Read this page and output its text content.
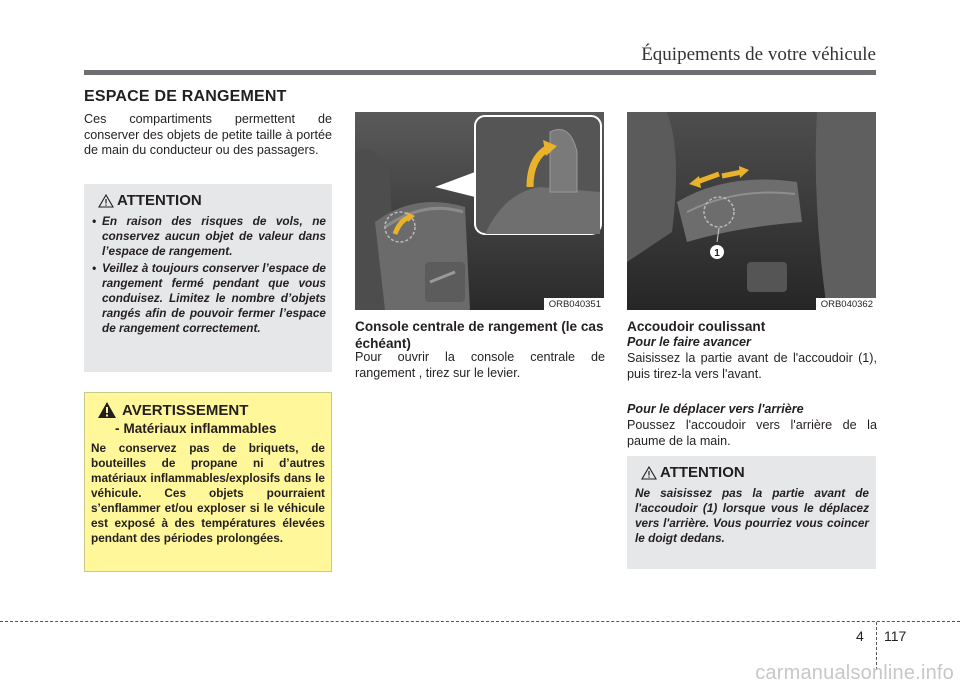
Équipements de votre véhicule
ESPACE DE RANGEMENT
Ces compartiments permettent de conserver des objets de petite taille à portée de main du conducteur ou des passagers.
ATTENTION
• En raison des risques de vols, ne conservez aucun objet de valeur dans l’espace de rangement.
• Veillez à toujours conserver l’espace de rangement fermé pendant que vous conduisez. Limitez le nombre d’objets rangés afin de pouvoir fermer l’espace de rangement correctement.
AVERTISSEMENT
- Matériaux inflammables
Ne conservez pas de briquets, de bouteilles de propane ni d’autres matériaux inflammables/explosifs dans le véhicule. Ces objets pourraient s’enflammer et/ou exploser si le véhicule est exposé à des températures élevées pendant des périodes prolongées.
ORB040351
Console centrale de rangement (le cas échéant)
Pour ouvrir la console centrale de rangement , tirez sur le levier.
1
ORB040362
Accoudoir coulissant
Pour le faire avancer
Saisissez la partie avant de l'accoudoir (1), puis tirez-la vers l'avant.
Pour le déplacer vers l'arrière
Poussez l'accoudoir vers l'arrière de la paume de la main.
ATTENTION
Ne saisissez pas la partie avant de l'accoudoir (1) lorsque vous le déplacez vers l'arrière. Vous pourriez vous coincer le doigt dedans.
4 117
carmanualsonline.info
